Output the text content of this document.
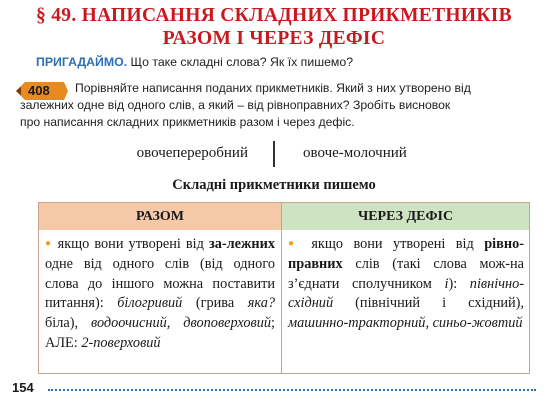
§ 49. НАПИСАННЯ СКЛАДНИХ ПРИКМЕТНИКІВ
РАЗОМ І ЧЕРЕЗ ДЕФІС
ПРИГАДАЙМО. Що таке складні слова? Як їх пишемо?
408	Порівняйте написання поданих прикметників. Який з них утворено від
залежних одне від одного слів, а який – від рівноправних? Зробіть висновок
про написання складних прикметників разом і через дефіс.
овочепереробний	овоче-молочний
Складні прикметники пишемо
РАЗОМ	ЧЕРЕЗ ДЕФІС
● якщо вони утворені від за-лежних одне від одного слів (від одного слова до іншого можна поставити питання): білогривий (грива яка? біла), водоочисний, двоповерховий; АЛЕ: 2-поверховий
● якщо вони утворені від рівно-правних слів (такі слова мож-на з’єднати сполучником і): північно-східний (північний і східний), машинно-тракторний, синьо-жовтий
154
